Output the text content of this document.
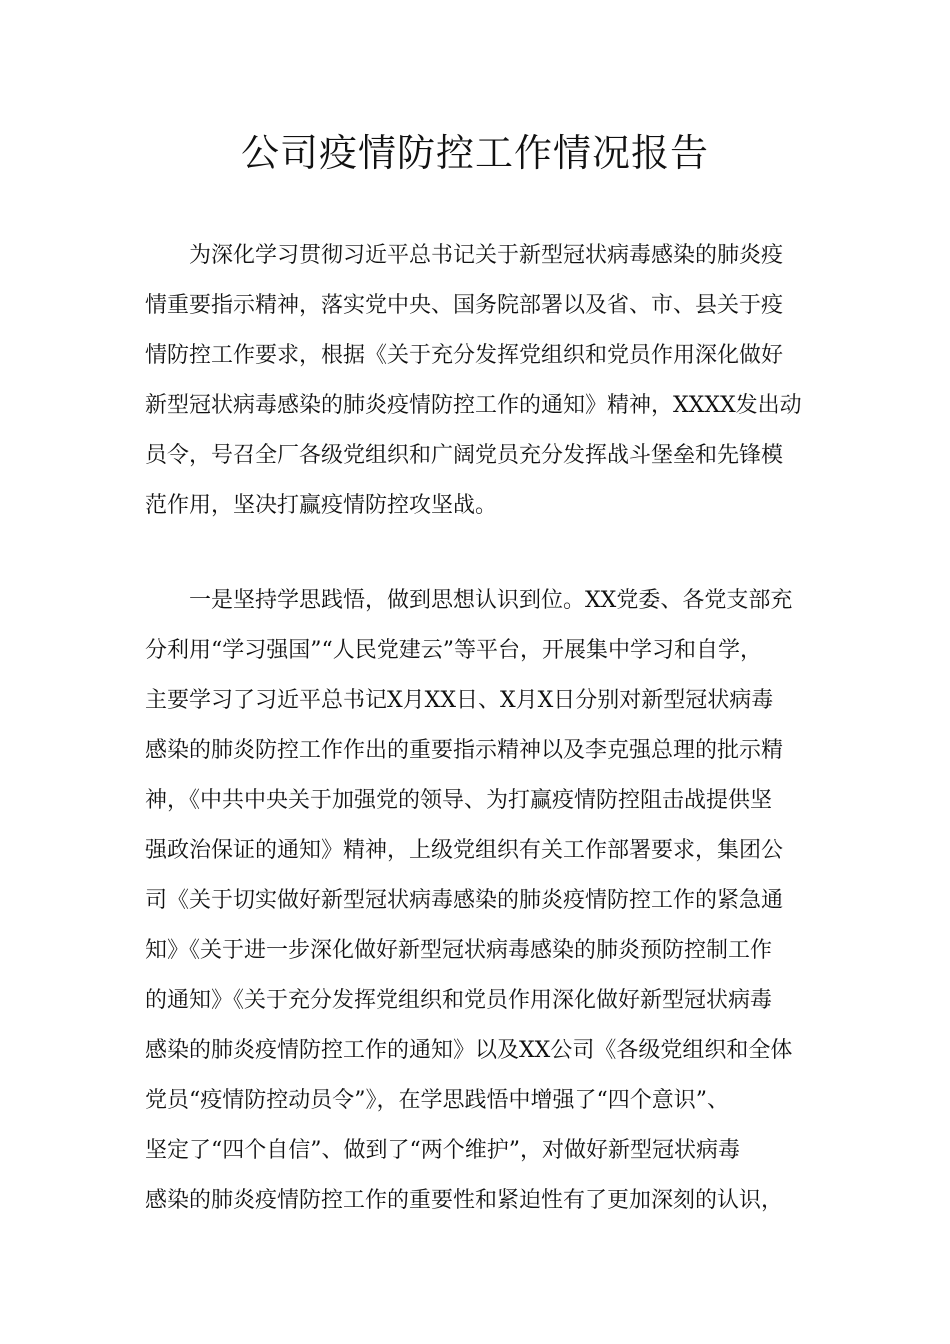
公司疫情防控工作情况报告
为深化学习贯彻习近平总书记关于新型冠状病毒感染的肺炎疫
情重要指示精神，落实党中央、国务院部署以及省、市、县关于疫
情防控工作要求，根据《关于充分发挥党组织和党员作用深化做好
新型冠状病毒感染的肺炎疫情防控工作的通知》精神，XXXX发出动
员令，号召全厂各级党组织和广阔党员充分发挥战斗堡垒和先锋模
范作用，坚决打赢疫情防控攻坚战。
一是坚持学思践悟，做到思想认识到位。XX党委、各党支部充
分利用“学习强国”“人民党建云”等平台，开展集中学习和自学，
主要学习了习近平总书记X月XX日、X月X日分别对新型冠状病毒
感染的肺炎防控工作作出的重要指示精神以及李克强总理的批示精
神，《中共中央关于加强党的领导、为打赢疫情防控阻击战提供坚
强政治保证的通知》精神，上级党组织有关工作部署要求，集团公
司《关于切实做好新型冠状病毒感染的肺炎疫情防控工作的紧急通
知》《关于进一步深化做好新型冠状病毒感染的肺炎预防控制工作
的通知》《关于充分发挥党组织和党员作用深化做好新型冠状病毒
感染的肺炎疫情防控工作的通知》以及XX公司《各级党组织和全体
党员“疫情防控动员令”》，在学思践悟中增强了“四个意识”、
坚定了“四个自信”、做到了“两个维护”，对做好新型冠状病毒
感染的肺炎疫情防控工作的重要性和紧迫性有了更加深刻的认识，
